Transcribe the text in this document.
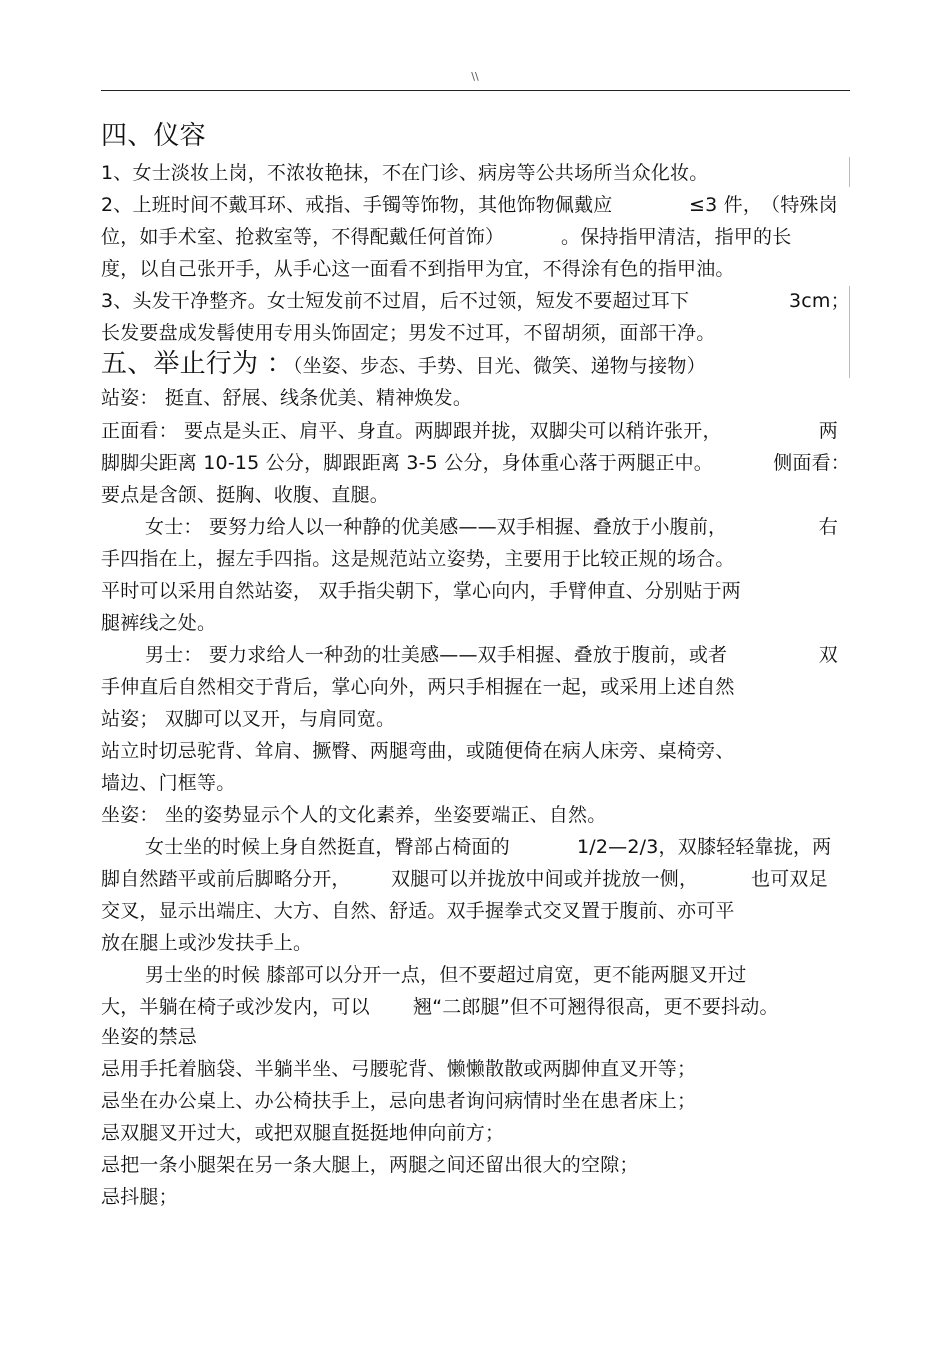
\\
四、仪容
1、女士淡妆上岗，不浓妆艳抹，不在门诊、病房等公共场所当众化妆。
2、上班时间不戴耳环、戒指、手镯等饰物，其他饰物佩戴应	≤3 件，
（特殊岗
位，如手术室、抢救室等，不得配戴任何首饰）	。保持指甲清洁，指甲的长
度，以自己张开手，从手心这一面看不到指甲为宜，不得涂有色的指甲油。
3、头发干净整齐。女士短发前不过眉，后不过领，短发不要超过耳下	3cm；
长发要盘成发髻使用专用头饰固定；男发不过耳，不留胡须，面部干净。
五、举止行为 ：（坐姿、步态、手势、目光、微笑、递物与接物）
站姿： 挺直、舒展、线条优美、精神焕发。
正面看： 要点是头正、肩平、身直。两脚跟并拢，双脚尖可以稍许张开，	两
脚脚尖距离 10-15 公分，脚跟距离 3-5 公分，身体重心落于两腿正中。	侧面看：
要点是含颌、挺胸、收腹、直腿。
女士： 要努力给人以一种静的优美感——双手相握、叠放于小腹前，	右
手四指在上，握左手四指。这是规范站立姿势，主要用于比较正规的场合。
平时可以采用自然站姿， 双手指尖朝下，掌心向内，手臂伸直、分别贴于两
腿裤线之处。
男士： 要力求给人一种劲的壮美感——双手相握、叠放于腹前，或者	双
手伸直后自然相交于背后，掌心向外，两只手相握在一起，或采用上述自然
站姿； 双脚可以叉开，与肩同宽。
站立时切忌驼背、耸肩、撅臀、两腿弯曲，或随便倚在病人床旁、桌椅旁、
墙边、门框等。
坐姿： 坐的姿势显示个人的文化素养，坐姿要端正、自然。
女士坐的时候上身自然挺直，臀部占椅面的	1/2—2/3，双膝轻轻靠拢，两
脚自然踏平或前后脚略分开， 双腿可以并拢放中间或并拢放一侧，	也可双足
交叉，显示出端庄、大方、自然、舒适。双手握拳式交叉置于腹前、亦可平
放在腿上或沙发扶手上。
男士坐的时候 膝部可以分开一点，但不要超过肩宽，更不能两腿叉开过
大，半躺在椅子或沙发内，可以 翘“二郎腿”但不可翘得很高，更不要抖动。
坐姿的禁忌
忌用手托着脑袋、半躺半坐、弓腰驼背、懒懒散散或两脚伸直叉开等；
忌坐在办公桌上、办公椅扶手上，忌向患者询问病情时坐在患者床上；
忌双腿叉开过大，或把双腿直挺挺地伸向前方；
忌把一条小腿架在另一条大腿上，两腿之间还留出很大的空隙；
忌抖腿；
